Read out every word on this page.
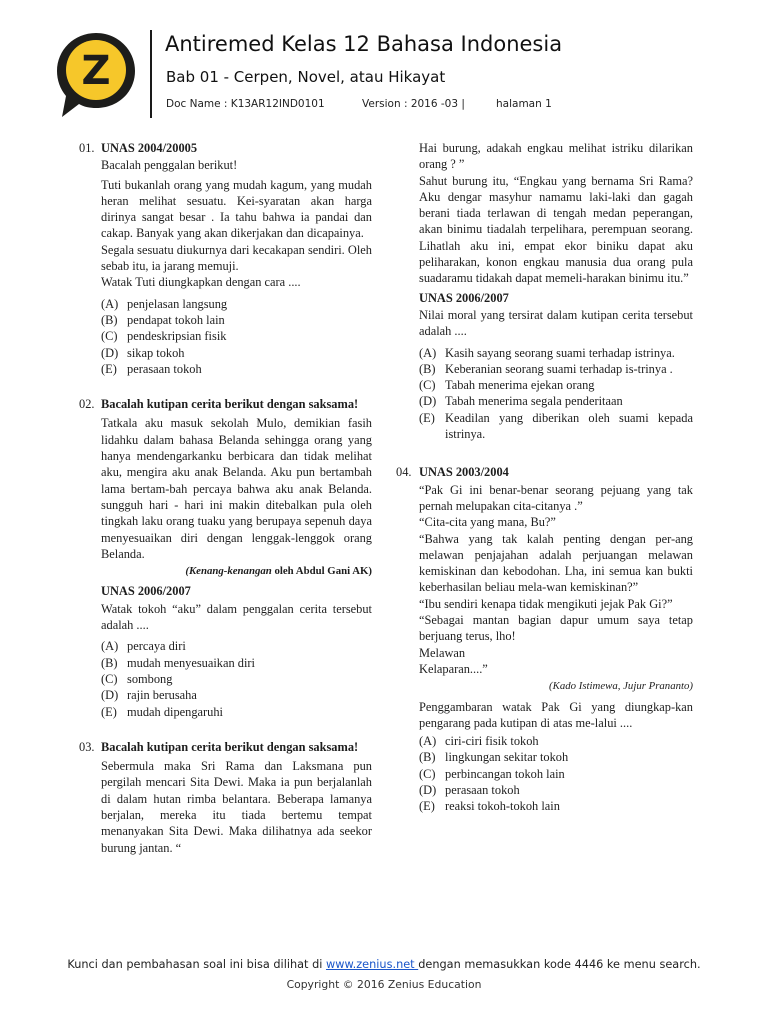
Z
Antiremed Kelas 12 Bahasa Indonesia
Bab 01 - Cerpen, Novel, atau Hikayat
Doc Name : K13AR12IND0101	Version : 2016 -03 |	halaman 1
01. UNAS 2004/20005
Bacalah penggalan berikut!
Tuti bukanlah orang yang mudah kagum, yang mudah heran melihat sesuatu. Kei-syaratan akan harga dirinya sangat besar . Ia tahu bahwa ia pandai dan cakap. Banyak yang akan dikerjakan dan dicapainya.
Segala sesuatu diukurnya dari kecakapan sendiri. Oleh sebab itu, ia jarang memuji.
Watak Tuti diungkapkan dengan cara ....
(A) penjelasan langsung
(B) pendapat tokoh lain
(C) pendeskripsian fisik
(D) sikap tokoh
(E) perasaan tokoh
02. Bacalah kutipan cerita berikut dengan saksama!
Tatkala aku masuk sekolah Mulo, demikian fasih lidahku dalam bahasa Belanda sehingga orang yang hanya mendengarkanku berbicara dan tidak melihat aku, mengira aku anak Belanda. Aku pun bertambah lama bertam-bah percaya bahwa aku anak Belanda. sungguh hari - hari ini makin ditebalkan pula oleh tingkah laku orang tuaku yang berupaya sepenuh daya menyesuaikan diri dengan lenggak-lenggok orang Belanda.
(Kenang-kenangan oleh Abdul Gani AK)
UNAS 2006/2007
Watak tokoh “aku” dalam penggalan cerita tersebut adalah ....
(A) percaya diri
(B) mudah menyesuaikan diri
(C) sombong
(D) rajin berusaha
(E) mudah dipengaruhi
03. Bacalah kutipan cerita berikut dengan saksama!
Sebermula maka Sri Rama dan Laksmana pun pergilah mencari Sita Dewi. Maka ia pun berjalanlah di dalam hutan rimba belantara. Beberapa lamanya berjalan, mereka itu tiada bertemu tempat menanyakan Sita Dewi. Maka dilihatnya ada seekor burung jantan. “
Hai burung, adakah engkau melihat istriku dilarikan orang ? ”
Sahut burung itu, “Engkau yang bernama Sri Rama? Aku dengar masyhur namamu laki-laki dan gagah berani tiada terlawan di tengah medan peperangan, akan binimu tiadalah terpelihara, perempuan seorang. Lihatlah aku ini, empat ekor biniku dapat aku peliharakan, konon engkau manusia dua orang pula suadaramu tidakah dapat memeli-harakan binimu itu.”
UNAS 2006/2007
Nilai moral yang tersirat dalam kutipan cerita tersebut adalah ....
(A) Kasih sayang seorang suami terhadap istrinya.
(B) Keberanian seorang suami terhadap is-trinya .
(C) Tabah menerima ejekan orang
(D) Tabah menerima segala penderitaan
(E) Keadilan yang diberikan oleh suami kepada istrinya.
04. UNAS 2003/2004
“Pak Gi ini benar-benar seorang pejuang yang tak pernah melupakan cita-citanya .”
“Cita-cita yang mana, Bu?”
“Bahwa yang tak kalah penting dengan per-ang melawan penjajahan adalah perjuangan melawan kemiskinan dan kebodohan. Lha, ini semua kan bukti keberhasilan beliau mela-wan kemiskinan?”
“Ibu sendiri kenapa tidak mengikuti jejak Pak Gi?”
“Sebagai mantan bagian dapur umum saya tetap berjuang terus, lho!
Melawan
Kelaparan....”
(Kado Istimewa, Jujur Prananto)
Penggambaran watak Pak Gi yang diungkap-kan pengarang pada kutipan di atas me-lalui ....
(A) ciri-ciri fisik tokoh
(B) lingkungan sekitar tokoh
(C) perbincangan tokoh lain
(D) perasaan tokoh
(E) reaksi tokoh-tokoh lain
Kunci dan pembahasan soal ini bisa dilihat di www.zenius.net dengan memasukkan kode 4446 ke menu search.
Copyright © 2016 Zenius Education
